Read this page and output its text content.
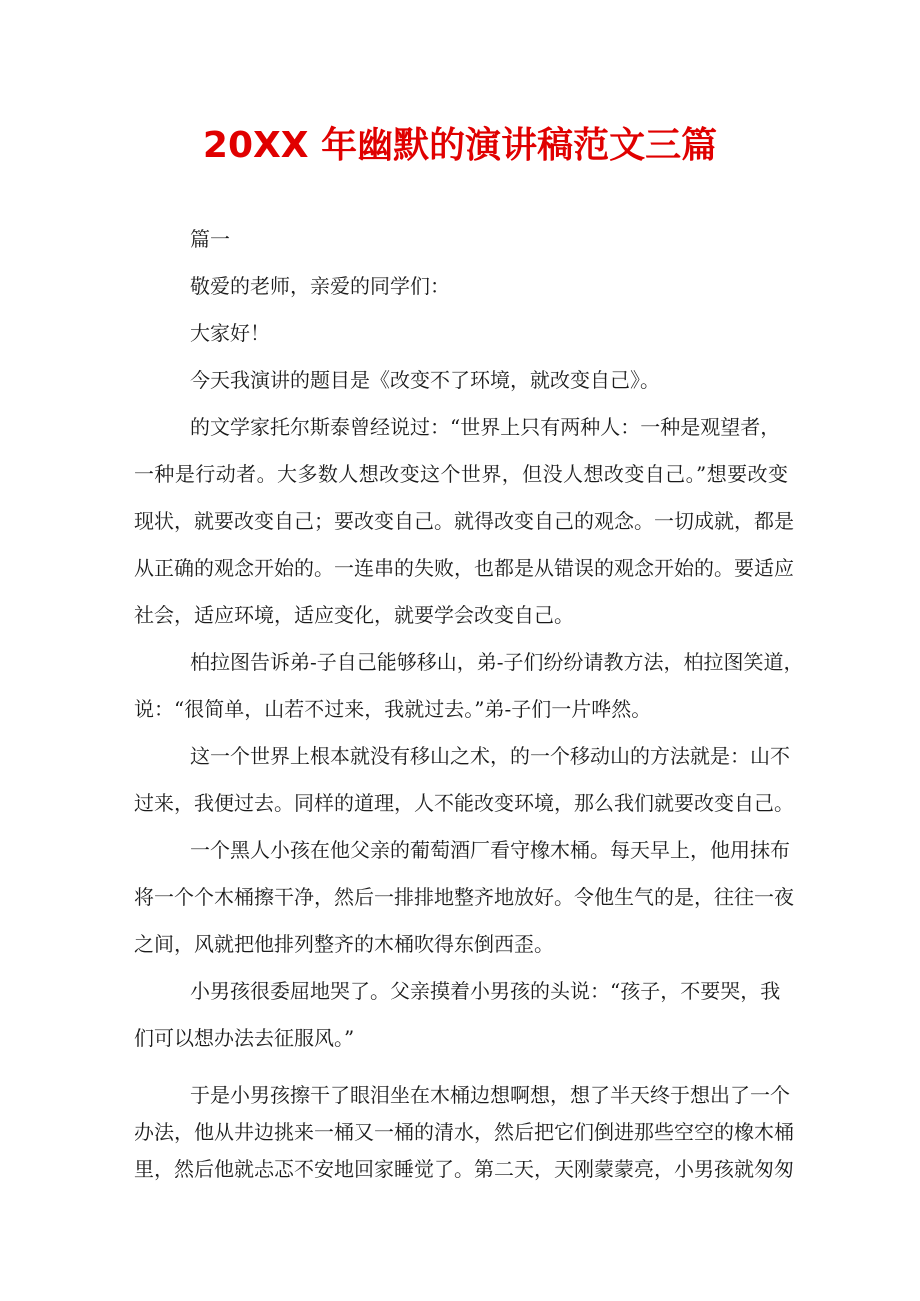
20XX 年幽默的演讲稿范文三篇

篇一

敬爱的老师，亲爱的同学们：

大家好！

今天我演讲的题目是《改变不了环境，就改变自己》。

的文学家托尔斯泰曾经说过：“世界上只有两种人：一种是观望者，

一种是行动者。大多数人想改变这个世界，但没人想改变自己。”想要改变

现状，就要改变自己；要改变自己。就得改变自己的观念。一切成就，都是

从正确的观念开始的。一连串的失败，也都是从错误的观念开始的。要适应

社会，适应环境，适应变化，就要学会改变自己。

柏拉图告诉弟-子自己能够移山，弟-子们纷纷请教方法，柏拉图笑道，

说：“很简单，山若不过来，我就过去。”弟-子们一片哗然。

这一个世界上根本就没有移山之术，的一个移动山的方法就是：山不

过来，我便过去。同样的道理，人不能改变环境，那么我们就要改变自己。

一个黑人小孩在他父亲的葡萄酒厂看守橡木桶。每天早上，他用抹布

将一个个木桶擦干净，然后一排排地整齐地放好。令他生气的是，往往一夜

之间，风就把他排列整齐的木桶吹得东倒西歪。

小男孩很委屈地哭了。父亲摸着小男孩的头说：“孩子，不要哭，我

们可以想办法去征服风。”

于是小男孩擦干了眼泪坐在木桶边想啊想，想了半天终于想出了一个

办法，他从井边挑来一桶又一桶的清水，然后把它们倒进那些空空的橡木桶

里，然后他就忐忑不安地回家睡觉了。第二天，天刚蒙蒙亮，小男孩就匆匆
